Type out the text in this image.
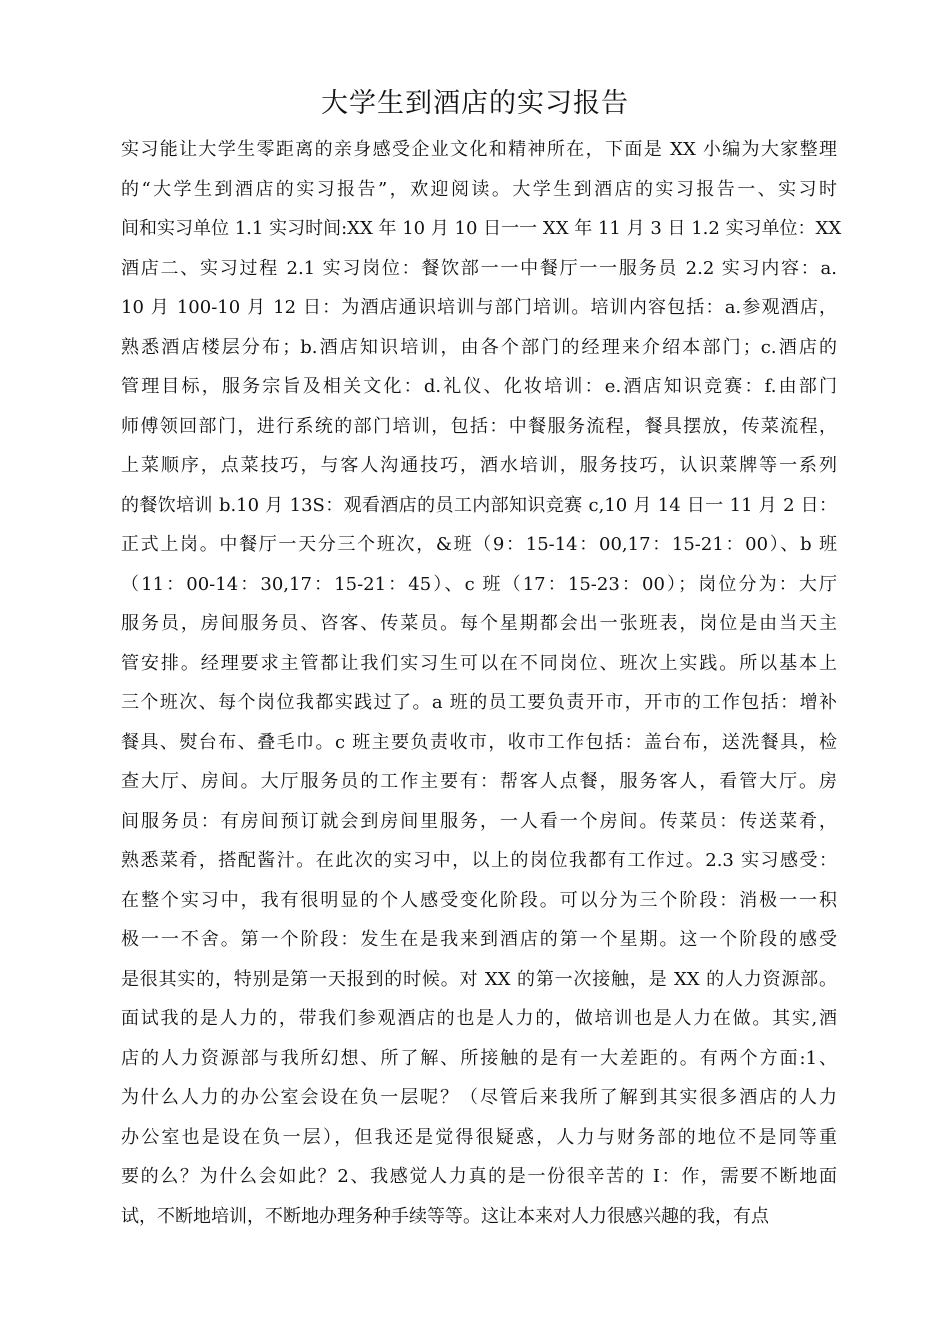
大学生到酒店的实习报告
实习能让大学生零距离的亲身感受企业文化和精神所在，下面是 XX 小编为大家整理
的“大学生到酒店的实习报告”，欢迎阅读。大学生到酒店的实习报告一、实习时
间和实习单位 1.1 实习时间:XX 年 10 月 10 日一一 XX 年 11 月 3 日 1.2 实习单位：XX
酒店二、实习过程 2.1 实习岗位：餐饮部一一中餐厅一一服务员 2.2 实习内容：a.
10 月 100-10 月 12 日：为酒店通识培训与部门培训。培训内容包括：a.参观酒店，
熟悉酒店楼层分布；b.酒店知识培训，由各个部门的经理来介绍本部门；c.酒店的
管理目标，服务宗旨及相关文化：d.礼仪、化妆培训：e.酒店知识竞赛：f.由部门
师傅领回部门，进行系统的部门培训，包括：中餐服务流程，餐具摆放，传菜流程，
上菜顺序，点菜技巧，与客人沟通技巧，酒水培训，服务技巧，认识菜牌等一系列
的餐饮培训 b.10 月 13S：观看酒店的员工内部知识竞赛 c,10 月 14 日一 11 月 2 日：
正式上岗。中餐厅一天分三个班次，&班（9：15-14：00,17：15-21：00）、b 班
（11：00-14：30,17：15-21：45）、c 班（17：15-23：00）；岗位分为：大厅
服务员，房间服务员、咨客、传菜员。每个星期都会出一张班表，岗位是由当天主
管安排。经理要求主管都让我们实习生可以在不同岗位、班次上实践。所以基本上
三个班次、每个岗位我都实践过了。a 班的员工要负责开市，开市的工作包括：增补
餐具、熨台布、叠毛巾。c 班主要负责收市，收市工作包括：盖台布，送洗餐具，检
查大厅、房间。大厅服务员的工作主要有：帮客人点餐，服务客人，看管大厅。房
间服务员：有房间预订就会到房间里服务，一人看一个房间。传菜员：传送菜肴，
熟悉菜肴，搭配酱汁。在此次的实习中，以上的岗位我都有工作过。2.3 实习感受：
在整个实习中，我有很明显的个人感受变化阶段。可以分为三个阶段：消极一一积
极一一不舍。第一个阶段：发生在是我来到酒店的第一个星期。这一个阶段的感受
是很其实的，特别是第一天报到的时候。对 XX 的第一次接触，是 XX 的人力资源部。
面试我的是人力的，带我们参观酒店的也是人力的，做培训也是人力在做。其实,酒
店的人力资源部与我所幻想、所了解、所接触的是有一大差距的。有两个方面:1、
为什么人力的办公室会设在负一层呢？（尽管后来我所了解到其实很多酒店的人力
办公室也是设在负一层），但我还是觉得很疑惑，人力与财务部的地位不是同等重
要的么？为什么会如此？2、我感觉人力真的是一份很辛苦的 I：作，需要不断地面
试，不断地培训，不断地办理务种手续等等。这让本来对人力很感兴趣的我，有点
